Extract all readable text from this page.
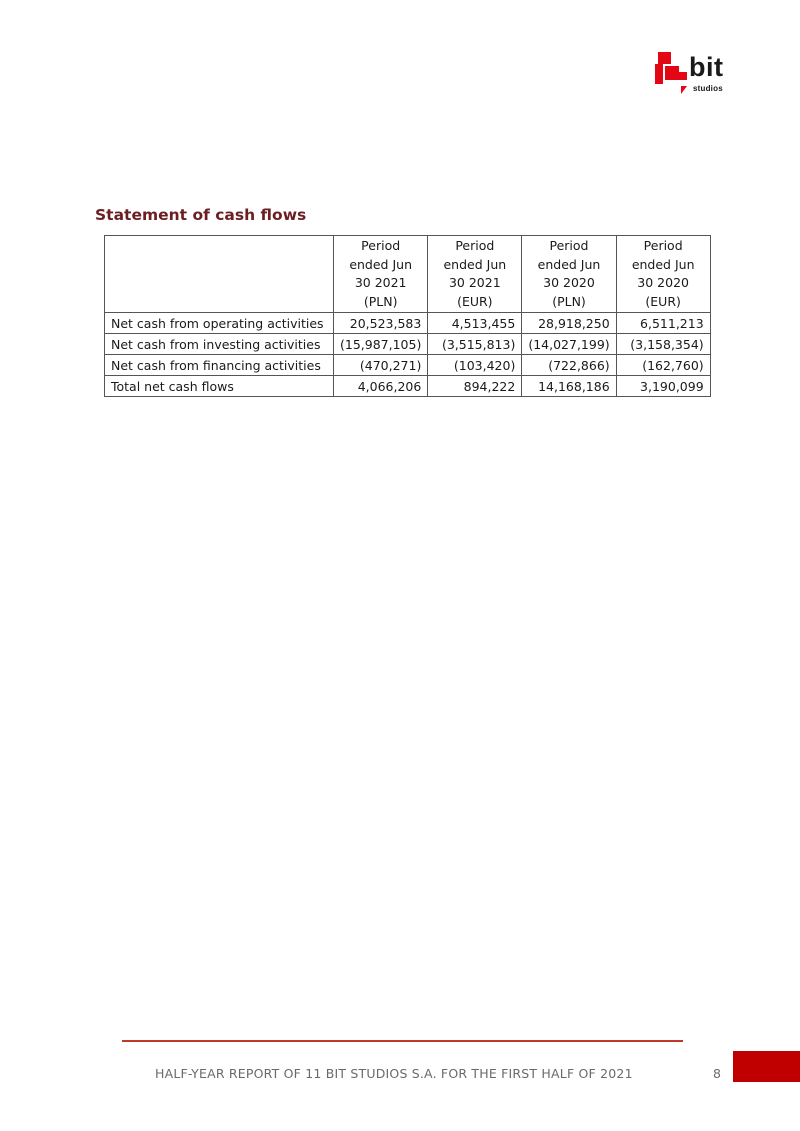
bit
studios
Statement of cash flows

	Period
ended Jun
30 2021
(PLN)	Period
ended Jun
30 2021
(EUR)	Period
ended Jun
30 2020
(PLN)	Period
ended Jun
30 2020
(EUR)

Net cash from operating activities	20,523,583	4,513,455	28,918,250	6,511,213
Net cash from investing activities	(15,987,105)	(3,515,813)	(14,027,199)	(3,158,354)
Net cash from financing activities	(470,271)	(103,420)	(722,866)	(162,760)
Total net cash flows	4,066,206	894,222	14,168,186	3,190,099
HALF-YEAR REPORT OF 11 BIT STUDIOS S.A. FOR THE FIRST HALF OF 2021	8
